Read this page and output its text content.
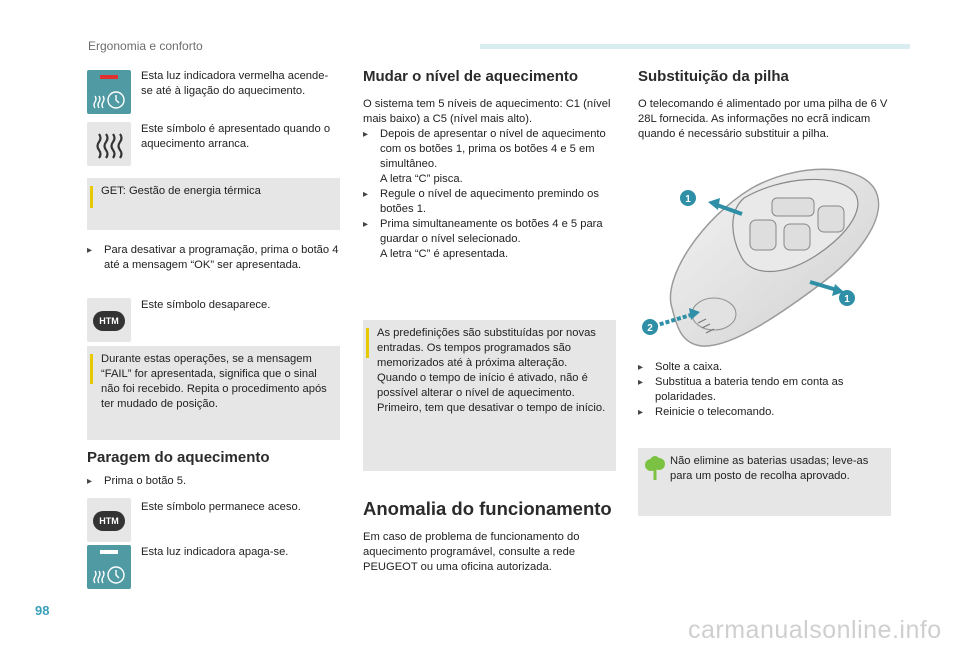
Ergonomia e conforto
Esta luz indicadora vermelha acende-se até à ligação do aquecimento.
Este símbolo é apresentado quando o aquecimento arranca.
GET: Gestão de energia térmica
▸ Para desativar a programação, prima o botão 4 até a mensagem “OK” ser apresentada.
HTM
Este símbolo desaparece.
Durante estas operações, se a mensagem “FAIL” for apresentada, significa que o sinal não foi recebido. Repita o procedimento após ter mudado de posição.
Paragem do aquecimento
▸ Prima o botão 5.
HTM
Este símbolo permanece aceso.
Esta luz indicadora apaga-se.
Mudar o nível de aquecimento
O sistema tem 5 níveis de aquecimento: C1 (nível mais baixo) a C5 (nível mais alto).
▸ Depois de apresentar o nível de aquecimento com os botões 1, prima os botões 4 e 5 em simultâneo.
A letra “C” pisca.
▸ Regule o nível de aquecimento premindo os botões 1.
▸ Prima simultaneamente os botões 4 e 5 para guardar o nível selecionado.
A letra “C” é apresentada.
As predefinições são substituídas por novas entradas. Os tempos programados são memorizados até à próxima alteração. Quando o tempo de início é ativado, não é possível alterar o nível de aquecimento. Primeiro, tem que desativar o tempo de início.
Anomalia do funcionamento
Em caso de problema de funcionamento do aquecimento programável, consulte a rede PEUGEOT ou uma oficina autorizada.
Substituição da pilha
O telecomando é alimentado por uma pilha de 6 V 28L fornecida. As informações no ecrã indicam quando é necessário substituir a pilha.
1
1
2
▸ Solte a caixa.
▸ Substitua a bateria tendo em conta as polaridades.
▸ Reinicie o telecomando.
Não elimine as baterias usadas; leve-as para um posto de recolha aprovado.
98
carmanualsonline.info
